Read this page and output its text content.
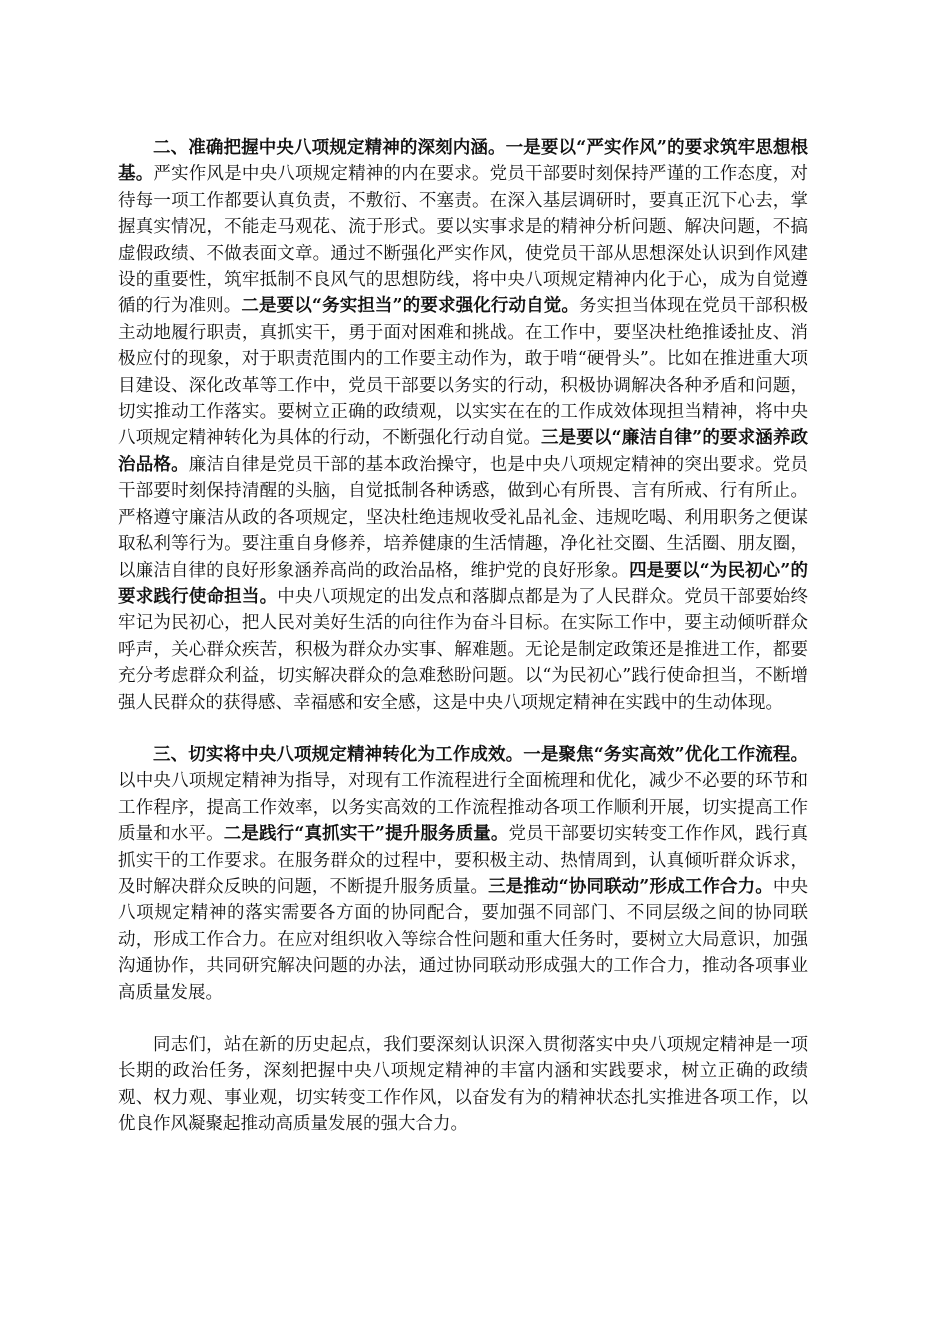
二、准确把握中央八项规定精神的深刻内涵。一是要以“严实作风”的要求筑牢思想根基。严实作风是中央八项规定精神的内在要求。党员干部要时刻保持严谨的工作态度，对待每一项工作都要认真负责，不敷衍、不塞责。在深入基层调研时，要真正沉下心去，掌握真实情况，不能走马观花、流于形式。要以实事求是的精神分析问题、解决问题，不搞虚假政绩、不做表面文章。通过不断强化严实作风，使党员干部从思想深处认识到作风建设的重要性，筑牢抵制不良风气的思想防线，将中央八项规定精神内化于心，成为自觉遵循的行为准则。二是要以“务实担当”的要求强化行动自觉。务实担当体现在党员干部积极主动地履行职责，真抓实干，勇于面对困难和挑战。在工作中，要坚决杜绝推诿扯皮、消极应付的现象，对于职责范围内的工作要主动作为，敢于啃“硬骨头”。比如在推进重大项目建设、深化改革等工作中，党员干部要以务实的行动，积极协调解决各种矛盾和问题，切实推动工作落实。要树立正确的政绩观，以实实在在的工作成效体现担当精神，将中央八项规定精神转化为具体的行动，不断强化行动自觉。三是要以“廉洁自律”的要求涵养政治品格。廉洁自律是党员干部的基本政治操守，也是中央八项规定精神的突出要求。党员干部要时刻保持清醒的头脑，自觉抵制各种诱惑，做到心有所畏、言有所戒、行有所止。严格遵守廉洁从政的各项规定，坚决杜绝违规收受礼品礼金、违规吃喝、利用职务之便谋取私利等行为。要注重自身修养，培养健康的生活情趣，净化社交圈、生活圈、朋友圈，以廉洁自律的良好形象涵养高尚的政治品格，维护党的良好形象。四是要以“为民初心”的要求践行使命担当。中央八项规定的出发点和落脚点都是为了人民群众。党员干部要始终牢记为民初心，把人民对美好生活的向往作为奋斗目标。在实际工作中，要主动倾听群众呼声，关心群众疾苦，积极为群众办实事、解难题。无论是制定政策还是推进工作，都要充分考虑群众利益，切实解决群众的急难愁盼问题。以“为民初心”践行使命担当，不断增强人民群众的获得感、幸福感和安全感，这是中央八项规定精神在实践中的生动体现。

三、切实将中央八项规定精神转化为工作成效。一是聚焦“务实高效”优化工作流程。以中央八项规定精神为指导，对现有工作流程进行全面梳理和优化，减少不必要的环节和工作程序，提高工作效率，以务实高效的工作流程推动各项工作顺利开展，切实提高工作质量和水平。二是践行“真抓实干”提升服务质量。党员干部要切实转变工作作风，践行真抓实干的工作要求。在服务群众的过程中，要积极主动、热情周到，认真倾听群众诉求，及时解决群众反映的问题，不断提升服务质量。三是推动“协同联动”形成工作合力。中央八项规定精神的落实需要各方面的协同配合，要加强不同部门、不同层级之间的协同联动，形成工作合力。在应对组织收入等综合性问题和重大任务时，要树立大局意识，加强沟通协作，共同研究解决问题的办法，通过协同联动形成强大的工作合力，推动各项事业高质量发展。

同志们，站在新的历史起点，我们要深刻认识深入贯彻落实中央八项规定精神是一项长期的政治任务，深刻把握中央八项规定精神的丰富内涵和实践要求，树立正确的政绩观、权力观、事业观，切实转变工作作风，以奋发有为的精神状态扎实推进各项工作，以优良作风凝聚起推动高质量发展的强大合力。
